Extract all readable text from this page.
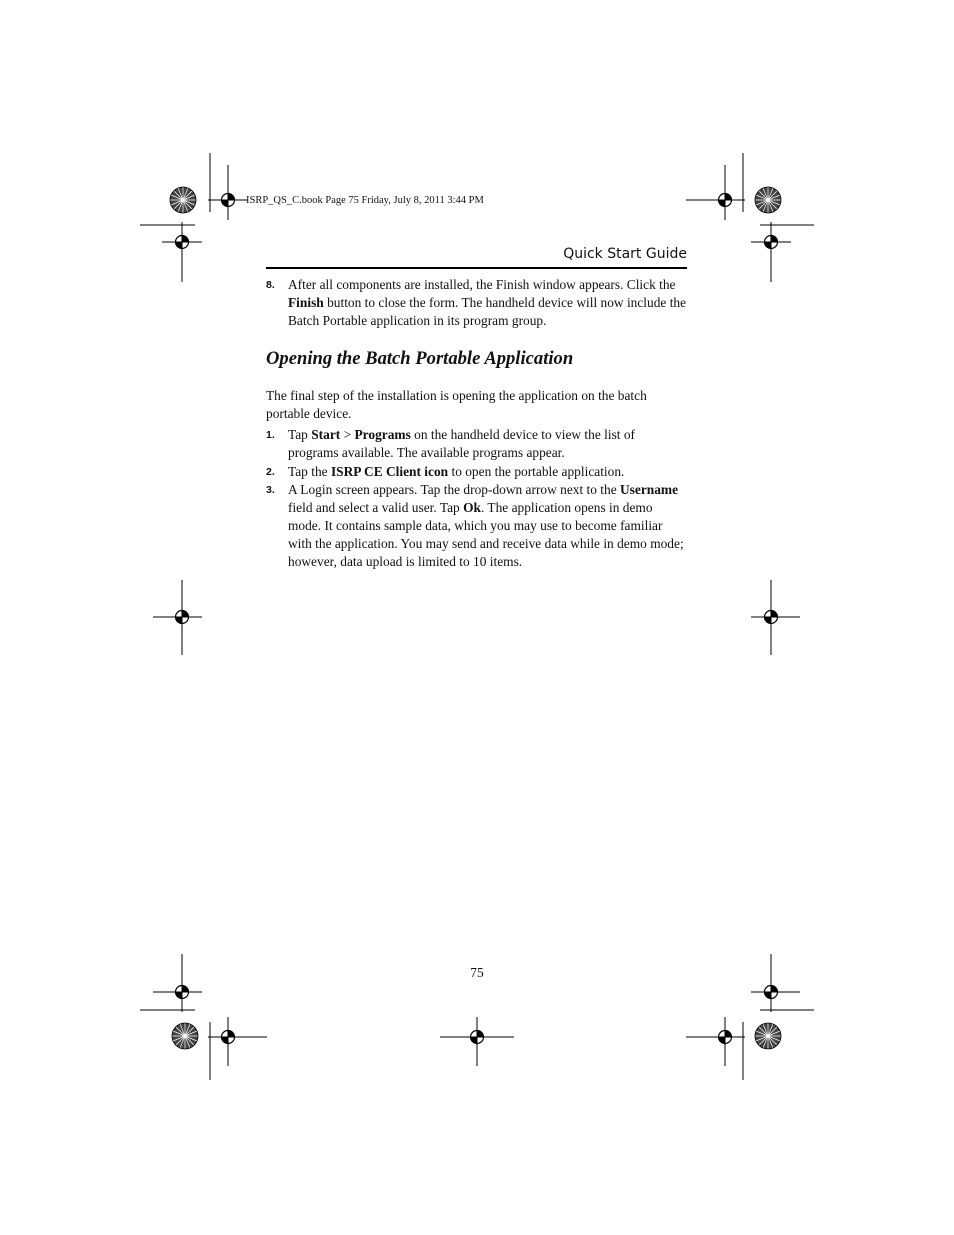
ISRP_QS_C.book Page 75 Friday, July 8, 2011 3:44 PM
Quick Start Guide
8. After all components are installed, the Finish window appears. Click the Finish button to close the form. The handheld device will now include the Batch Portable application in its program group.

Opening the Batch Portable Application

The final step of the installation is opening the application on the batch portable device.

1. Tap Start > Programs on the handheld device to view the list of programs available. The available programs appear.

2. Tap the ISRP CE Client icon to open the portable application.

3. A Login screen appears. Tap the drop-down arrow next to the Username field and select a valid user. Tap Ok. The application opens in demo mode. It contains sample data, which you may use to become familiar with the application. You may send and receive data while in demo mode; however, data upload is limited to 10 items.

75
